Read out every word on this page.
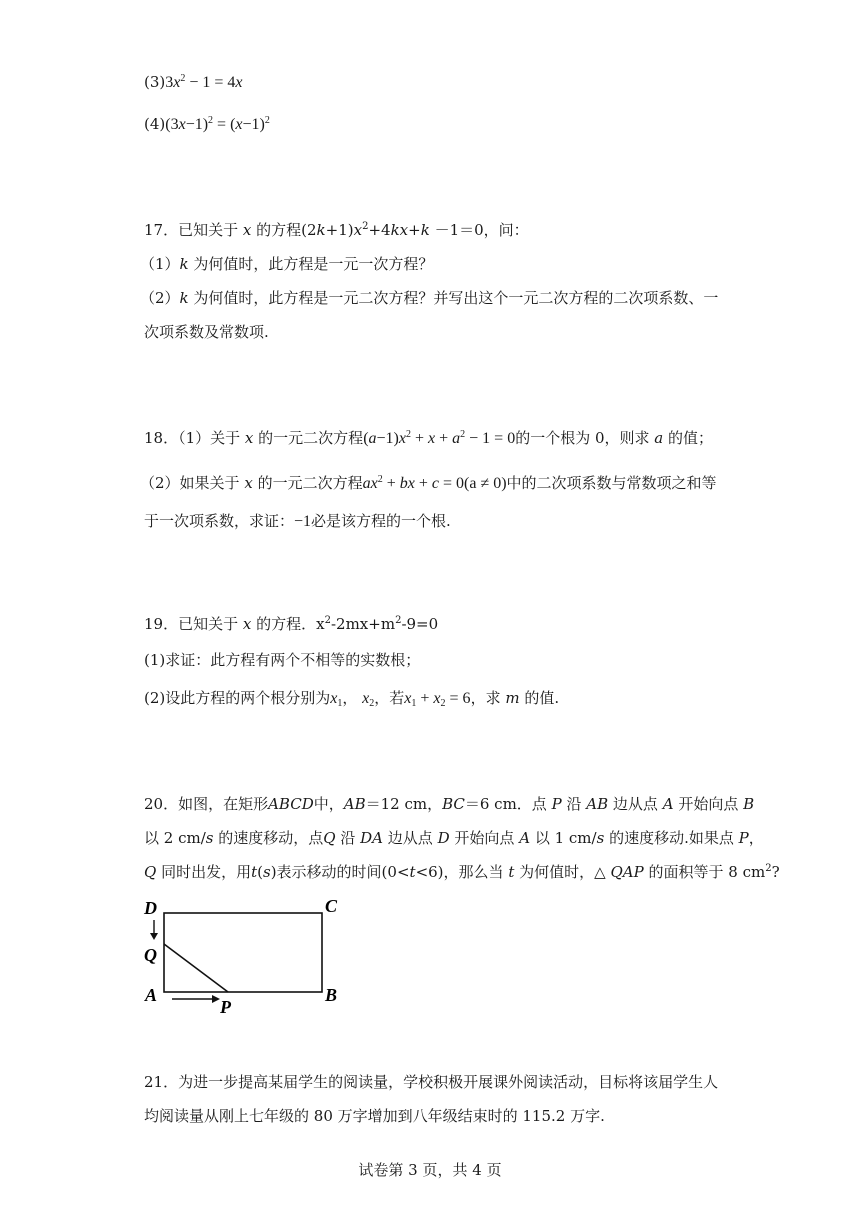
$(3)3x^2 - 1 = 4x$
$(4)(3x-1)^2 = (x-1)^2$
17．已知关于 x 的方程$(2k+1)x^2+4kx+k -1=0$，问：
（1）k 为何值时，此方程是一元一次方程？
（2）k 为何值时，此方程是一元二次方程？并写出这个一元二次方程的二次项系数、一
次项系数及常数项.
18．（1）关于 x 的一元二次方程$(a-1)x^2 + x + a^2 - 1 = 0$的一个根为 0，则求 a 的值；
（2）如果关于 x 的一元二次方程$ax^2$ + bx + c = 0(a ≠ 0)中的二次项系数与常数项之和等
于一次项系数，求证：−1必是该方程的一个根.
19．已知关于 x 的方程．$x^2-2mx+m^2-9=0$
(1)求证：此方程有两个不相等的实数根；
(2)设此方程的两个根分别为$x_1$， $x_2$，若$x_1 + x_2 = 6$，求 m 的值.
20．如图，在矩形ABCD中，AB＝12 cm，BC＝6 cm．点 P 沿 AB 边从点 A 开始向点 B
以 2 cm/s 的速度移动，点Q 沿 DA 边从点 D 开始向点 A 以 1 cm/s 的速度移动.如果点 P，
Q 同时出发，用t(s)表示移动的时间(0<t<6)，那么当 t 为何值时，△ QAP 的面积等于 8 $cm^2$?
D	C
Q
A	B
P
21．为进一步提高某届学生的阅读量，学校积极开展课外阅读活动，目标将该届学生人
均阅读量从刚上七年级的 80 万字增加到八年级结束时的 115.2 万字.
试卷第 3 页，共 4 页
